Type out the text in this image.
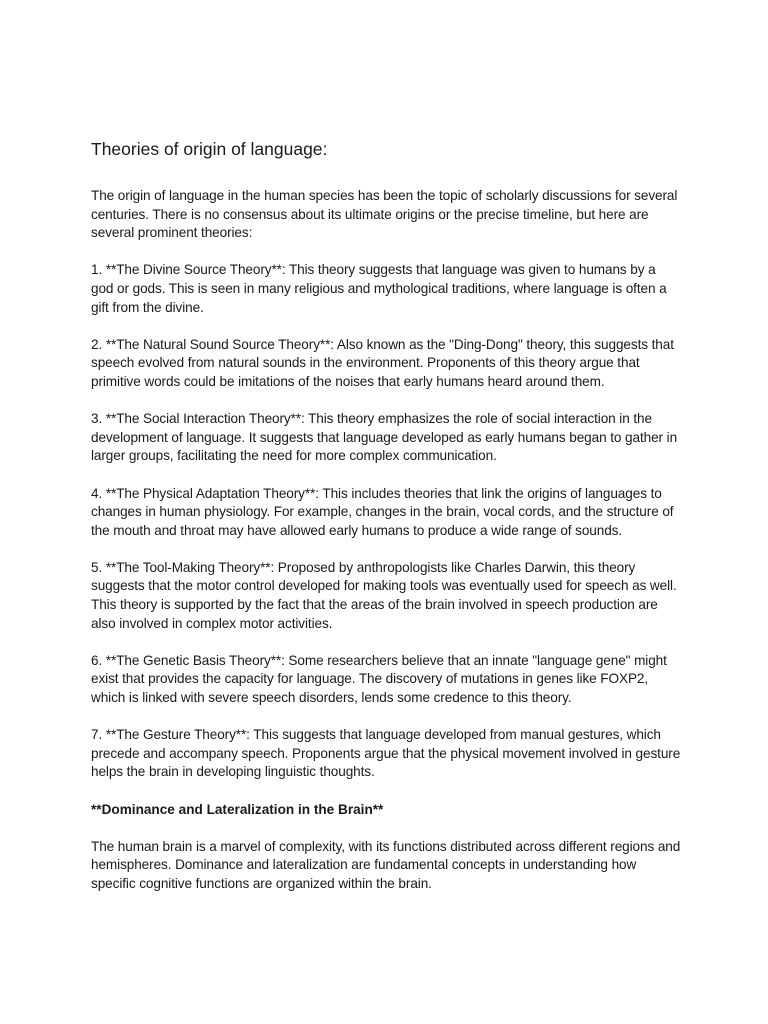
Theories of origin of language:

The origin of language in the human species has been the topic of scholarly discussions for several centuries. There is no consensus about its ultimate origins or the precise timeline, but here are several prominent theories:

1. **The Divine Source Theory**: This theory suggests that language was given to humans by a god or gods. This is seen in many religious and mythological traditions, where language is often a gift from the divine.

2. **The Natural Sound Source Theory**: Also known as the "Ding-Dong" theory, this suggests that speech evolved from natural sounds in the environment. Proponents of this theory argue that primitive words could be imitations of the noises that early humans heard around them.

3. **The Social Interaction Theory**: This theory emphasizes the role of social interaction in the development of language. It suggests that language developed as early humans began to gather in larger groups, facilitating the need for more complex communication.

4. **The Physical Adaptation Theory**: This includes theories that link the origins of languages to changes in human physiology. For example, changes in the brain, vocal cords, and the structure of the mouth and throat may have allowed early humans to produce a wide range of sounds.

5. **The Tool-Making Theory**: Proposed by anthropologists like Charles Darwin, this theory suggests that the motor control developed for making tools was eventually used for speech as well. This theory is supported by the fact that the areas of the brain involved in speech production are also involved in complex motor activities.

6. **The Genetic Basis Theory**: Some researchers believe that an innate "language gene" might exist that provides the capacity for language. The discovery of mutations in genes like FOXP2, which is linked with severe speech disorders, lends some credence to this theory.

7. **The Gesture Theory**: This suggests that language developed from manual gestures, which precede and accompany speech. Proponents argue that the physical movement involved in gesture helps the brain in developing linguistic thoughts.

**Dominance and Lateralization in the Brain**

The human brain is a marvel of complexity, with its functions distributed across different regions and hemispheres. Dominance and lateralization are fundamental concepts in understanding how specific cognitive functions are organized within the brain.
